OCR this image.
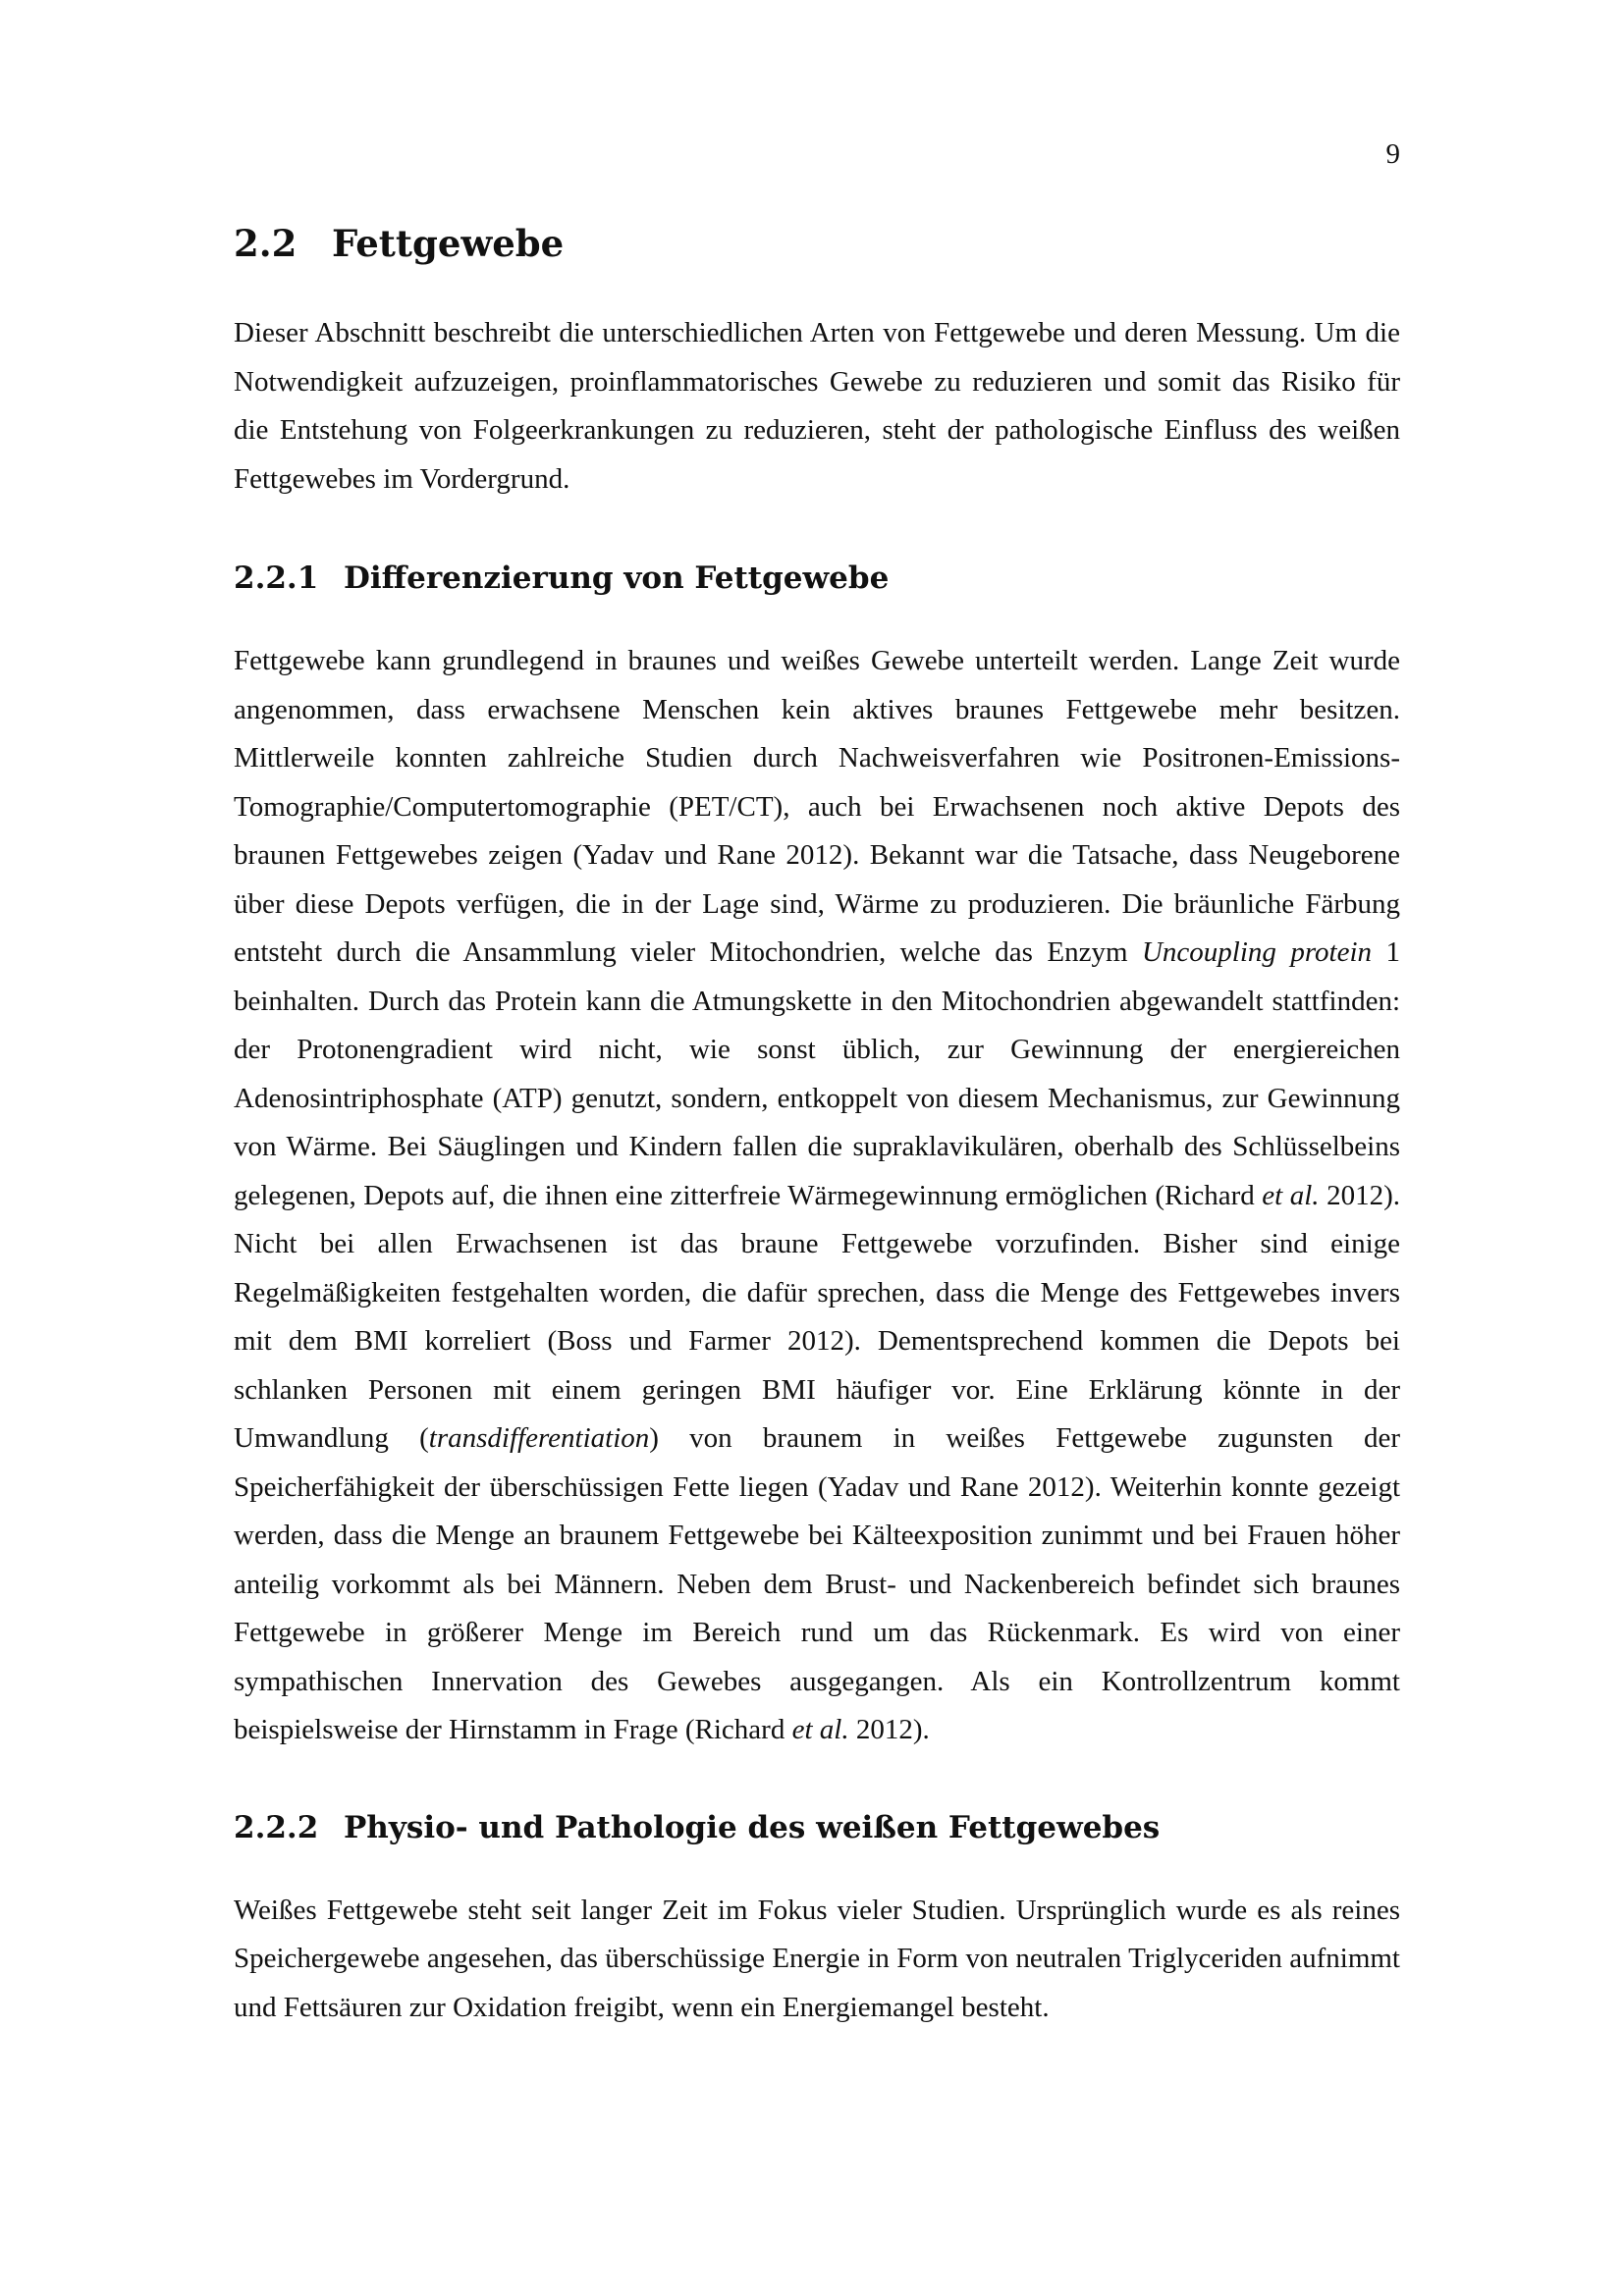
9
2.2 Fettgewebe

Dieser Abschnitt beschreibt die unterschiedlichen Arten von Fettgewebe und deren Messung. Um die Notwendigkeit aufzuzeigen, proinflammatorisches Gewebe zu reduzieren und somit das Risiko für die Entstehung von Folgeerkrankungen zu reduzieren, steht der pathologische Einfluss des weißen Fettgewebes im Vordergrund.

2.2.1 Differenzierung von Fettgewebe

Fettgewebe kann grundlegend in braunes und weißes Gewebe unterteilt werden. Lange Zeit wurde angenommen, dass erwachsene Menschen kein aktives braunes Fettgewebe mehr besitzen. Mittlerweile konnten zahlreiche Studien durch Nachweisverfahren wie Positronen-Emissions-Tomographie/Computertomographie (PET/CT), auch bei Erwachsenen noch aktive Depots des braunen Fettgewebes zeigen (Yadav und Rane 2012). Bekannt war die Tatsache, dass Neugeborene über diese Depots verfügen, die in der Lage sind, Wärme zu produzieren. Die bräunliche Färbung entsteht durch die Ansammlung vieler Mitochondrien, welche das Enzym Uncoupling protein 1 beinhalten. Durch das Protein kann die Atmungskette in den Mitochondrien abgewandelt stattfinden: der Protonengradient wird nicht, wie sonst üblich, zur Gewinnung der energiereichen Adenosintriphosphate (ATP) genutzt, sondern, entkoppelt von diesem Mechanismus, zur Gewinnung von Wärme. Bei Säuglingen und Kindern fallen die supraklavikulären, oberhalb des Schlüsselbeins gelegenen, Depots auf, die ihnen eine zitterfreie Wärmegewinnung ermöglichen (Richard et al. 2012). Nicht bei allen Erwachsenen ist das braune Fettgewebe vorzufinden. Bisher sind einige Regelmäßigkeiten festgehalten worden, die dafür sprechen, dass die Menge des Fettgewebes invers mit dem BMI korreliert (Boss und Farmer 2012). Dementsprechend kommen die Depots bei schlanken Personen mit einem geringen BMI häufiger vor. Eine Erklärung könnte in der Umwandlung (transdifferentiation) von braunem in weißes Fettgewebe zugunsten der Speicherfähigkeit der überschüssigen Fette liegen (Yadav und Rane 2012). Weiterhin konnte gezeigt werden, dass die Menge an braunem Fettgewebe bei Kälteexposition zunimmt und bei Frauen höher anteilig vorkommt als bei Männern. Neben dem Brust- und Nackenbereich befindet sich braunes Fettgewebe in größerer Menge im Bereich rund um das Rückenmark. Es wird von einer sympathischen Innervation des Gewebes ausgegangen. Als ein Kontrollzentrum kommt beispielsweise der Hirnstamm in Frage (Richard et al. 2012).

2.2.2 Physio- und Pathologie des weißen Fettgewebes

Weißes Fettgewebe steht seit langer Zeit im Fokus vieler Studien. Ursprünglich wurde es als reines Speichergewebe angesehen, das überschüssige Energie in Form von neutralen Triglyceriden aufnimmt und Fettsäuren zur Oxidation freigibt, wenn ein Energiemangel besteht.
